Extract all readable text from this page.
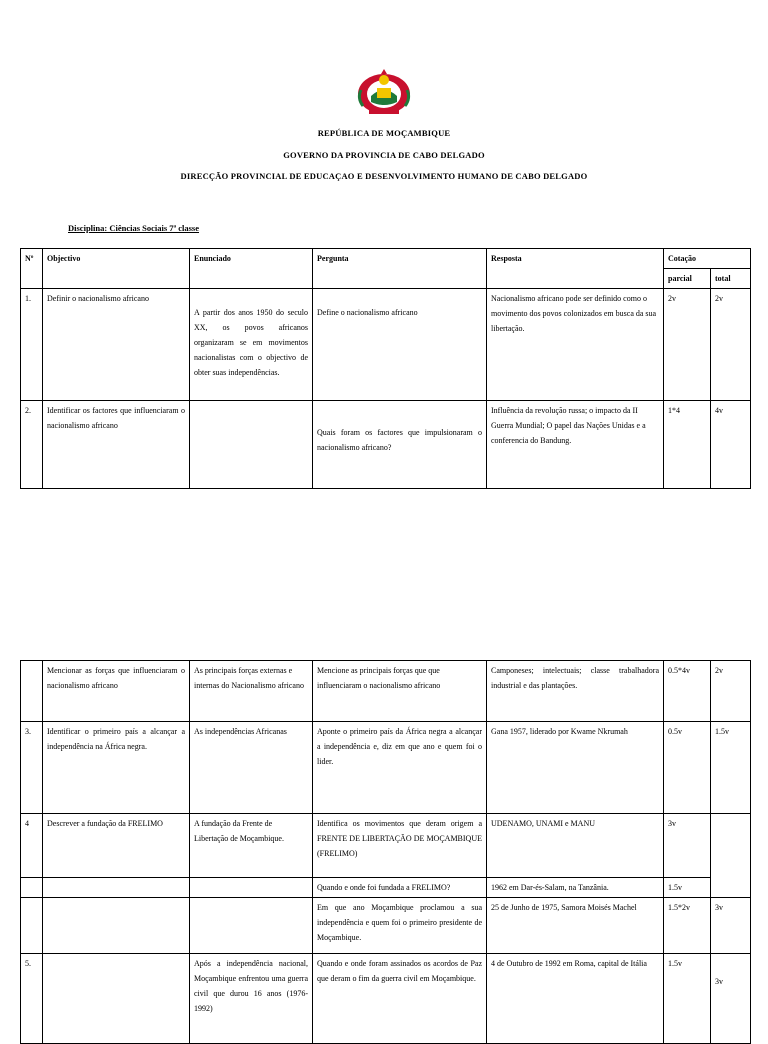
REPÚBLICA DE MOÇAMBIQUE
GOVERNO DA PROVINCIA DE CABO DELGADO
DIRECÇÃO PROVINCIAL DE EDUCAÇAO E DESENVOLVIMENTO HUMANO DE CABO DELGADO
Disciplina: Ciências Sociais 7ª classe
Nº	Objectivo	Enunciado	Pergunta	Resposta	Cotação	
					parcial	total
1.	Definir o nacionalismo africano	A partir dos anos 1950 do seculo XX, os povos africanos organizaram se em movimentos nacionalistas com o objectivo de obter suas independências.	Define o nacionalismo africano	Nacionalismo africano pode ser definido como o movimento dos povos colonizados em busca da sua libertação.	2v	2v
2.	Identificar os factores que influenciaram o nacionalismo africano		Quais foram os factores que impulsionaram o nacionalismo africano?	Influência da revolução russa; o impacto da II Guerra Mundial; O papel das Nações Unidas e a conferencia do Bandung.	1*4	4v
	Mencionar as forças que influenciaram o nacionalismo africano	As principais forças externas e internas do Nacionalismo africano	Mencione as principais forças que que influenciaram o nacionalismo africano	Camponeses; intelectuais; classe trabalhadora industrial e das plantações.	0.5*4v	2v
3.	Identificar o primeiro país a alcançar a independência na África negra.	As independências Africanas	Aponte o primeiro país da África negra a alcançar a independência e, diz em que ano e quem foi o lider.	Gana 1957, liderado por Kwame Nkrumah	0.5v	1.5v
4	Descrever a fundação da FRELIMO	A fundação da Frente de Libertação de Moçambique.	Identifica os movimentos que deram origem a FRENTE DE LIBERTAÇÃO DE MOÇAMBIQUE (FRELIMO)	UDENAMO, UNAMI e MANU	3v	
			Quando e onde foi fundada a FRELIMO?	1962 em Dar-és-Salam, na Tanzânia.	1.5v	
			Em que ano Moçambique proclamou a sua independência e quem foi o primeiro presidente de Moçambique.	25 de Junho de 1975, Samora Moisés Machel	1.5*2v	3v
5.		Após a independência nacional, Moçambique enfrentou uma guerra civil que durou 16 anos (1976-1992)	Quando e onde foram assinados os acordos de Paz que deram o fim da guerra civil em Moçambique.	4 de Outubro de 1992 em Roma, capital de Itália	1.5v	3v
